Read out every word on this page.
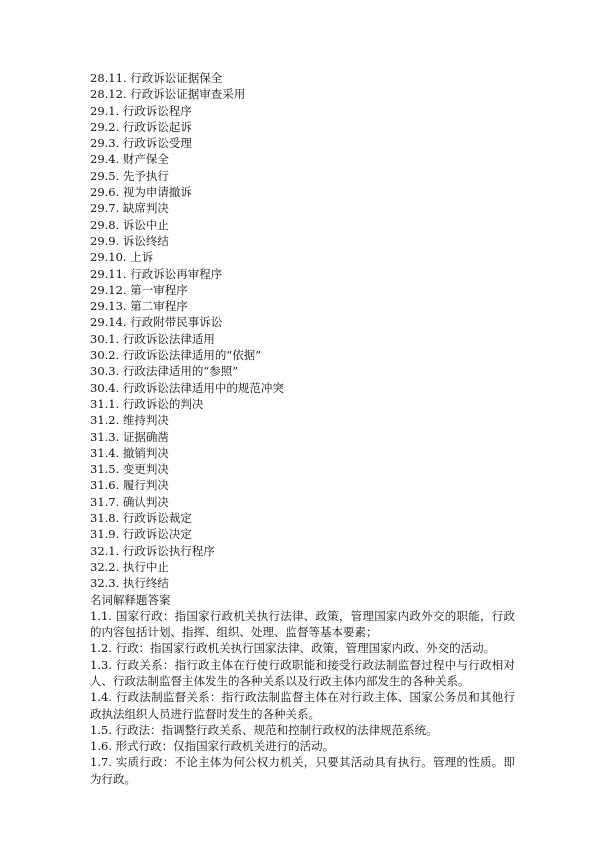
28.11. 行政诉讼证据保全
28.12. 行政诉讼证据审查采用
29.1. 行政诉讼程序
29.2. 行政诉讼起诉
29.3. 行政诉讼受理
29.4. 财产保全
29.5. 先予执行
29.6. 视为申请撤诉
29.7. 缺席判决
29.8. 诉讼中止
29.9. 诉讼终结
29.10. 上诉
29.11. 行政诉讼再审程序
29.12. 第一审程序
29.13. 第二审程序
29.14. 行政附带民事诉讼
30.1. 行政诉讼法律适用
30.2. 行政诉讼法律适用的“依据”
30.3. 行政法律适用的“参照”
30.4. 行政诉讼法律适用中的规范冲突
31.1. 行政诉讼的判决
31.2. 维持判决
31.3. 证据确凿
31.4. 撤销判决
31.5. 变更判决
31.6. 履行判决
31.7. 确认判决
31.8. 行政诉讼裁定
31.9. 行政诉讼决定
32.1. 行政诉讼执行程序
32.2. 执行中止
32.3. 执行终结
名词解释题答案
1.1. 国家行政：指国家行政机关执行法律、政策，管理国家内政外交的职能，行政的内容包括计划、指挥、组织、处理、监督等基本要素；
1.2. 行政：指国家行政机关执行国家法律、政策，管理国家内政、外交的活动。
1.3. 行政关系：指行政主体在行使行政职能和接受行政法制监督过程中与行政相对人、行政法制监督主体发生的各种关系以及行政主体内部发生的各种关系。
1.4. 行政法制监督关系：指行政法制监督主体在对行政主体、国家公务员和其他行政执法组织人员进行监督时发生的各种关系。
1.5. 行政法：指调整行政关系、规范和控制行政权的法律规范系统。
1.6. 形式行政：仅指国家行政机关进行的活动。
1.7. 实质行政：不论主体为何公权力机关，只要其活动具有执行。管理的性质。即为行政。
